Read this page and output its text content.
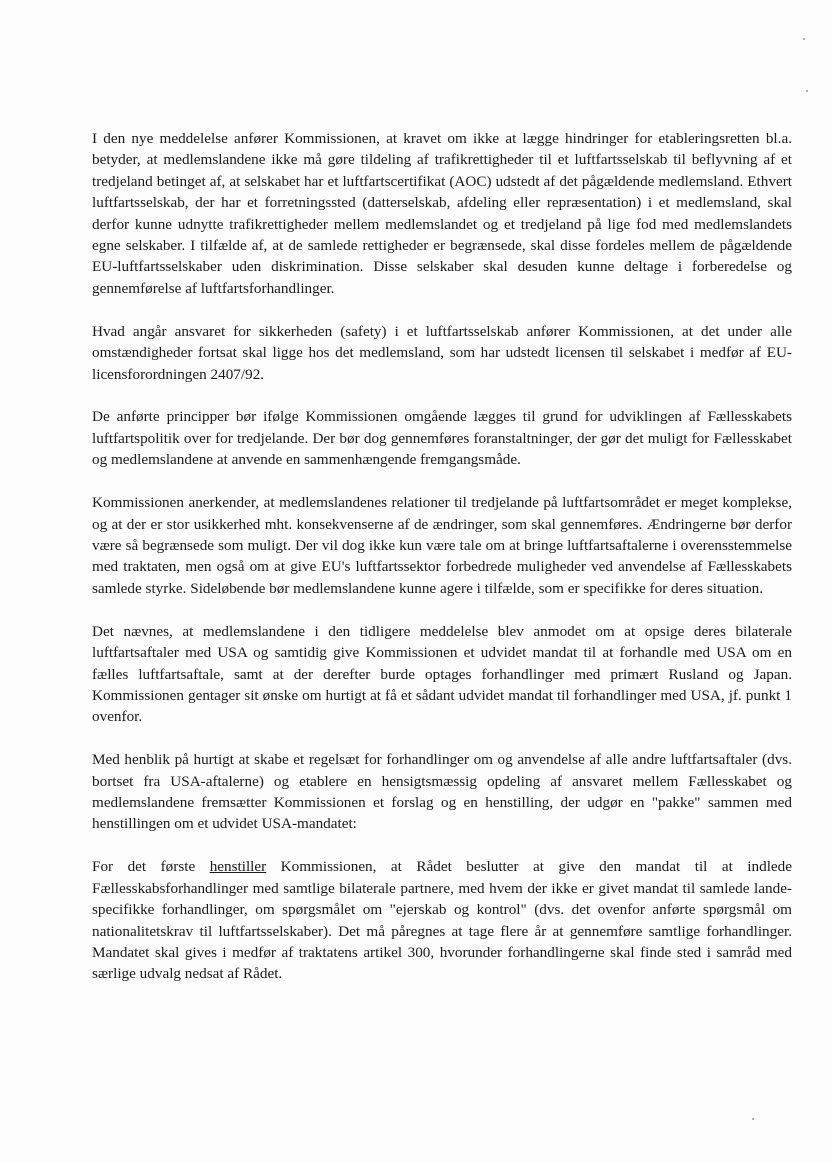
I den nye meddelelse anfører Kommissionen, at kravet om ikke at lægge hindringer for etableringsretten bl.a. betyder, at medlemslandene ikke må gøre tildeling af trafikrettigheder til et luftfartsselskab til beflyvning af et tredjeland betinget af, at selskabet har et luftfartscertifikat (AOC) udstedt af det pågældende medlemsland. Ethvert luftfartsselskab, der har et forretningssted (datterselskab, afdeling eller repræsentation) i et medlemsland, skal derfor kunne udnytte trafikrettigheder mellem medlemslandet og et tredjeland på lige fod med medlemslandets egne selskaber. I tilfælde af, at de samlede rettigheder er begrænsede, skal disse fordeles mellem de pågældende EU-luftfartsselskaber uden diskrimination. Disse selskaber skal desuden kunne deltage i forberedelse og gennemførelse af luftfartsforhandlinger.

Hvad angår ansvaret for sikkerheden (safety) i et luftfartsselskab anfører Kommissionen, at det under alle omstændigheder fortsat skal ligge hos det medlemsland, som har udstedt licensen til selskabet i medfør af EU-licensforordningen 2407/92.

De anførte principper bør ifølge Kommissionen omgående lægges til grund for udviklingen af Fællesskabets luftfartspolitik over for tredjelande. Der bør dog gennemføres foranstaltninger, der gør det muligt for Fællesskabet og medlemslandene at anvende en sammenhængende fremgangsmåde.

Kommissionen anerkender, at medlemslandenes relationer til tredjelande på luftfartsområdet er meget komplekse, og at der er stor usikkerhed mht. konsekvenserne af de ændringer, som skal gennemføres. Ændringerne bør derfor være så begrænsede som muligt. Der vil dog ikke kun være tale om at bringe luftfartsaftalerne i overensstemmelse med traktaten, men også om at give EU's luftfartssektor forbedrede muligheder ved anvendelse af Fællesskabets samlede styrke. Sideløbende bør medlemslandene kunne agere i tilfælde, som er specifikke for deres situation.

Det nævnes, at medlemslandene i den tidligere meddelelse blev anmodet om at opsige deres bilaterale luftfartsaftaler med USA og samtidig give Kommissionen et udvidet mandat til at forhandle med USA om en fælles luftfartsaftale, samt at der derefter burde optages forhandlinger med primært Rusland og Japan. Kommissionen gentager sit ønske om hurtigt at få et sådant udvidet mandat til forhandlinger med USA, jf. punkt 1 ovenfor.

Med henblik på hurtigt at skabe et regelsæt for forhandlinger om og anvendelse af alle andre luftfartsaftaler (dvs. bortset fra USA-aftalerne) og etablere en hensigtsmæssig opdeling af ansvaret mellem Fællesskabet og medlemslandene fremsætter Kommissionen et forslag og en henstilling, der udgør en "pakke" sammen med henstillingen om et udvidet USA-mandatet:

For det første henstiller Kommissionen, at Rådet beslutter at give den mandat til at indlede Fællesskabsforhandlinger med samtlige bilaterale partnere, med hvem der ikke er givet mandat til samlede lande-specifikke forhandlinger, om spørgsmålet om "ejerskab og kontrol" (dvs. det ovenfor anførte spørgsmål om nationalitetskrav til luftfartsselskaber). Det må påregnes at tage flere år at gennemføre samtlige forhandlinger. Mandatet skal gives i medfør af traktatens artikel 300, hvorunder forhandlingerne skal finde sted i samråd med særlige udvalg nedsat af Rådet.
